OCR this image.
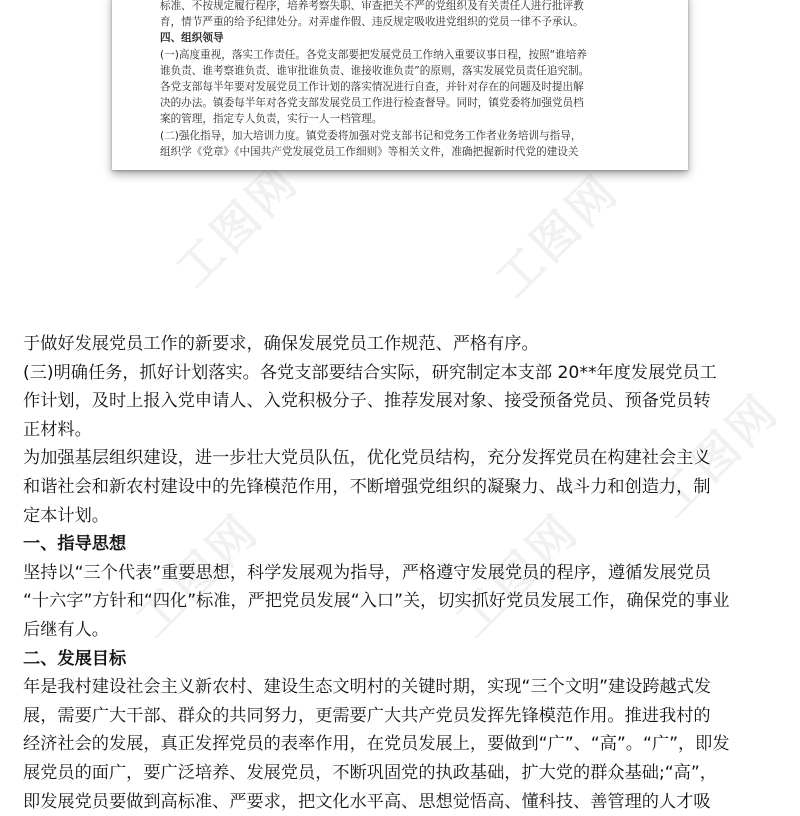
工图网	工图网
工图网	工图网
工图网
标准、不按规定履行程序，培养考察失职、审查把关不严的党组织及有关责任人进行批评教
育，情节严重的给予纪律处分。对弄虚作假、违反规定吸收进党组织的党员一律不予承认。
四、组织领导
(一)高度重视，落实工作责任。各党支部要把发展党员工作纳入重要议事日程，按照“谁培养
谁负责、谁考察谁负责、谁审批谁负责、谁接收谁负责”的原则，落实发展党员责任追究制。
各党支部每半年要对发展党员工作计划的落实情况进行自查，并针对存在的问题及时提出解
决的办法。镇委每半年对各党支部发展党员工作进行检查督导。同时，镇党委将加强党员档
案的管理，指定专人负责，实行一人一档管理。
(二)强化指导，加大培训力度。镇党委将加强对党支部书记和党务工作者业务培训与指导，
组织学《党章》《中国共产党发展党员工作细则》等相关文件，准确把握新时代党的建设关
于做好发展党员工作的新要求，确保发展党员工作规范、严格有序。
(三)明确任务，抓好计划落实。各党支部要结合实际，研究制定本支部 20**年度发展党员工
作计划，及时上报入党申请人、入党积极分子、推荐发展对象、接受预备党员、预备党员转
正材料。
为加强基层组织建设，进一步壮大党员队伍，优化党员结构，充分发挥党员在构建社会主义
和谐社会和新农村建设中的先锋模范作用，不断增强党组织的凝聚力、战斗力和创造力，制
定本计划。
一、指导思想
坚持以“三个代表”重要思想，科学发展观为指导，严格遵守发展党员的程序，遵循发展党员
“十六字”方针和“四化”标准，严把党员发展“入口”关，切实抓好党员发展工作，确保党的事业
后继有人。
二、发展目标
年是我村建设社会主义新农村、建设生态文明村的关键时期，实现“三个文明”建设跨越式发
展，需要广大干部、群众的共同努力，更需要广大共产党员发挥先锋模范作用。推进我村的
经济社会的发展，真正发挥党员的表率作用，在党员发展上，要做到“广”、“高”。“广”，即发
展党员的面广，要广泛培养、发展党员，不断巩固党的执政基础，扩大党的群众基础;“高”，
即发展党员要做到高标准、严要求，把文化水平高、思想觉悟高、懂科技、善管理的人才吸
